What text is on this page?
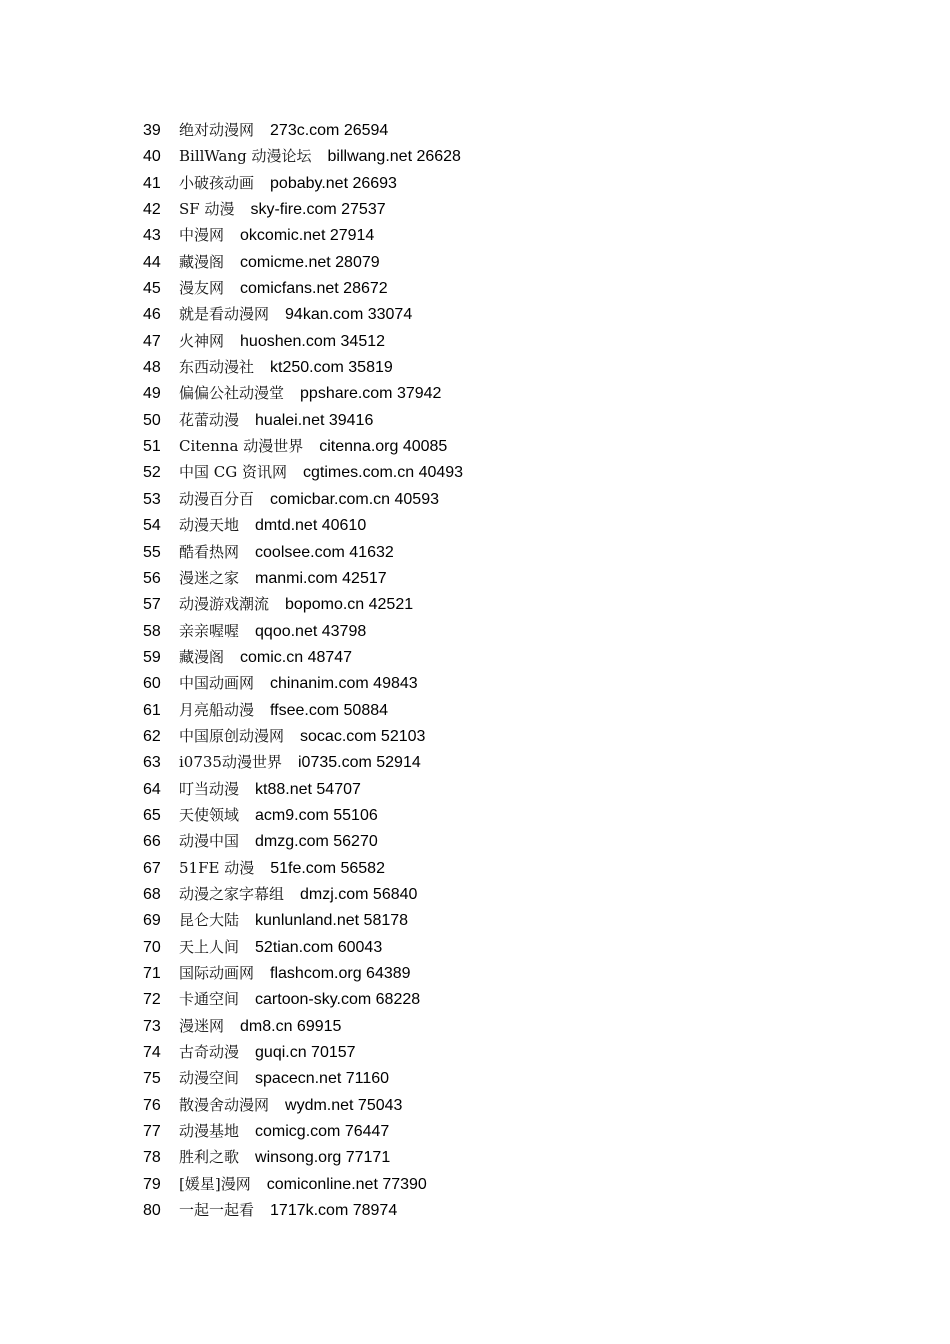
39 绝对动漫网 273c.com 26594
40 BillWang 动漫论坛 billwang.net 26628
41 小破孩动画 pobaby.net 26693
42 SF 动漫 sky-fire.com 27537
43 中漫网 okcomic.net 27914
44 藏漫阁 comicme.net 28079
45 漫友网 comicfans.net 28672
46 就是看动漫网 94kan.com 33074
47 火神网 huoshen.com 34512
48 东西动漫社 kt250.com 35819
49 偏偏公社动漫堂 ppshare.com 37942
50 花蕾动漫 hualei.net 39416
51 Citenna 动漫世界 citenna.org 40085
52 中国 CG 资讯网 cgtimes.com.cn 40493
53 动漫百分百 comicbar.com.cn 40593
54 动漫天地 dmtd.net 40610
55 酷看热网 coolsee.com 41632
56 漫迷之家 manmi.com 42517
57 动漫游戏潮流 bopomo.cn 42521
58 亲亲喔喔 qqoo.net 43798
59 藏漫阁 comic.cn 48747
60 中国动画网 chinanim.com 49843
61 月亮船动漫 ffsee.com 50884
62 中国原创动漫网 socac.com 52103
63 i0735动漫世界 i0735.com 52914
64 叮当动漫 kt88.net 54707
65 天使领域 acm9.com 55106
66 动漫中国 dmzg.com 56270
67 51FE 动漫 51fe.com 56582
68 动漫之家字幕组 dmzj.com 56840
69 昆仑大陆 kunlunland.net 58178
70 天上人间 52tian.com 60043
71 国际动画网 flashcom.org 64389
72 卡通空间 cartoon-sky.com 68228
73 漫迷网 dm8.cn 69915
74 古奇动漫 guqi.cn 70157
75 动漫空间 spacecn.net 71160
76 散漫舍动漫网 wydm.net 75043
77 动漫基地 comicg.com 76447
78 胜利之歌 winsong.org 77171
79 [媛星]漫网 comiconline.net 77390
80 一起一起看 1717k.com 78974
